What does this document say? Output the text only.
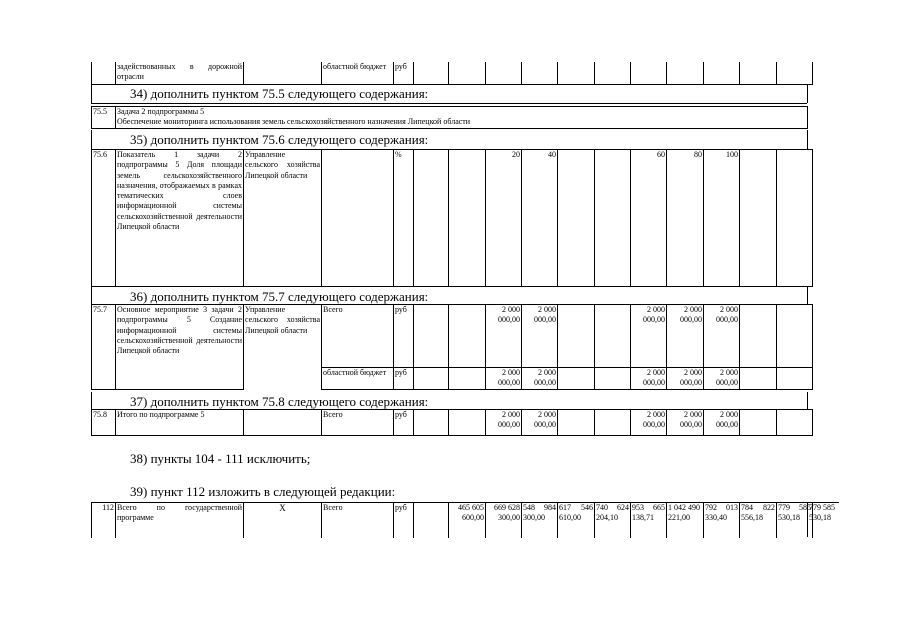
	задействованных в дорожной отрасли		областной бюджет	руб											
34) дополнить пунктом 75.5 следующего содержания:
75.5	Задача 2 подпрограммы 5
Обеспечение мониторинга использования земель сельскохозяйственного назначения Липецкой области
35) дополнить пунктом 75.6 следующего содержания:
75.6	Показатель 1 задачи 2 подпрограммы 5 Доля площади земель сельскохозяйственного назначения, отображаемых в рамках тематических слоев информационной системы сельскохозяйственной деятельности Липецкой области	Управление сельского хозяйства Липецкой области		%			20	40			60	80	100		
36) дополнить пунктом 75.7 следующего содержания:
75.7	Основное мероприятие 3 задачи 2 подпрограммы 5 Создание информационной системы сельскохозяйственной деятельности Липецкой области	Управление сельского хозяйства Липецкой области	Всего	руб			2 000 000,00	2 000 000,00			2 000 000,00	2 000 000,00	2 000 000,00		
			областной бюджет	руб			2 000 000,00	2 000 000,00			2 000 000,00	2 000 000,00	2 000 000,00		
37) дополнить пунктом 75.8 следующего содержания:
75.8	Итого по подпрограмме 5		Всего	руб			2 000 000,00	2 000 000,00			2 000 000,00	2 000 000,00	2 000 000,00		
38) пункты 104 - 111 исключить;
39) пункт 112 изложить в следующей редакции:
112	Всего по государственной программе	X	Всего	руб		465 605 600,00	669 628 300,00	548 984 300,00	617 546 610,00	740 624 204,10	953 665 138,71	1 042 490 221,00	792 013 330,40	784 822 556,18	779 585 530,18
779 585 530,18
